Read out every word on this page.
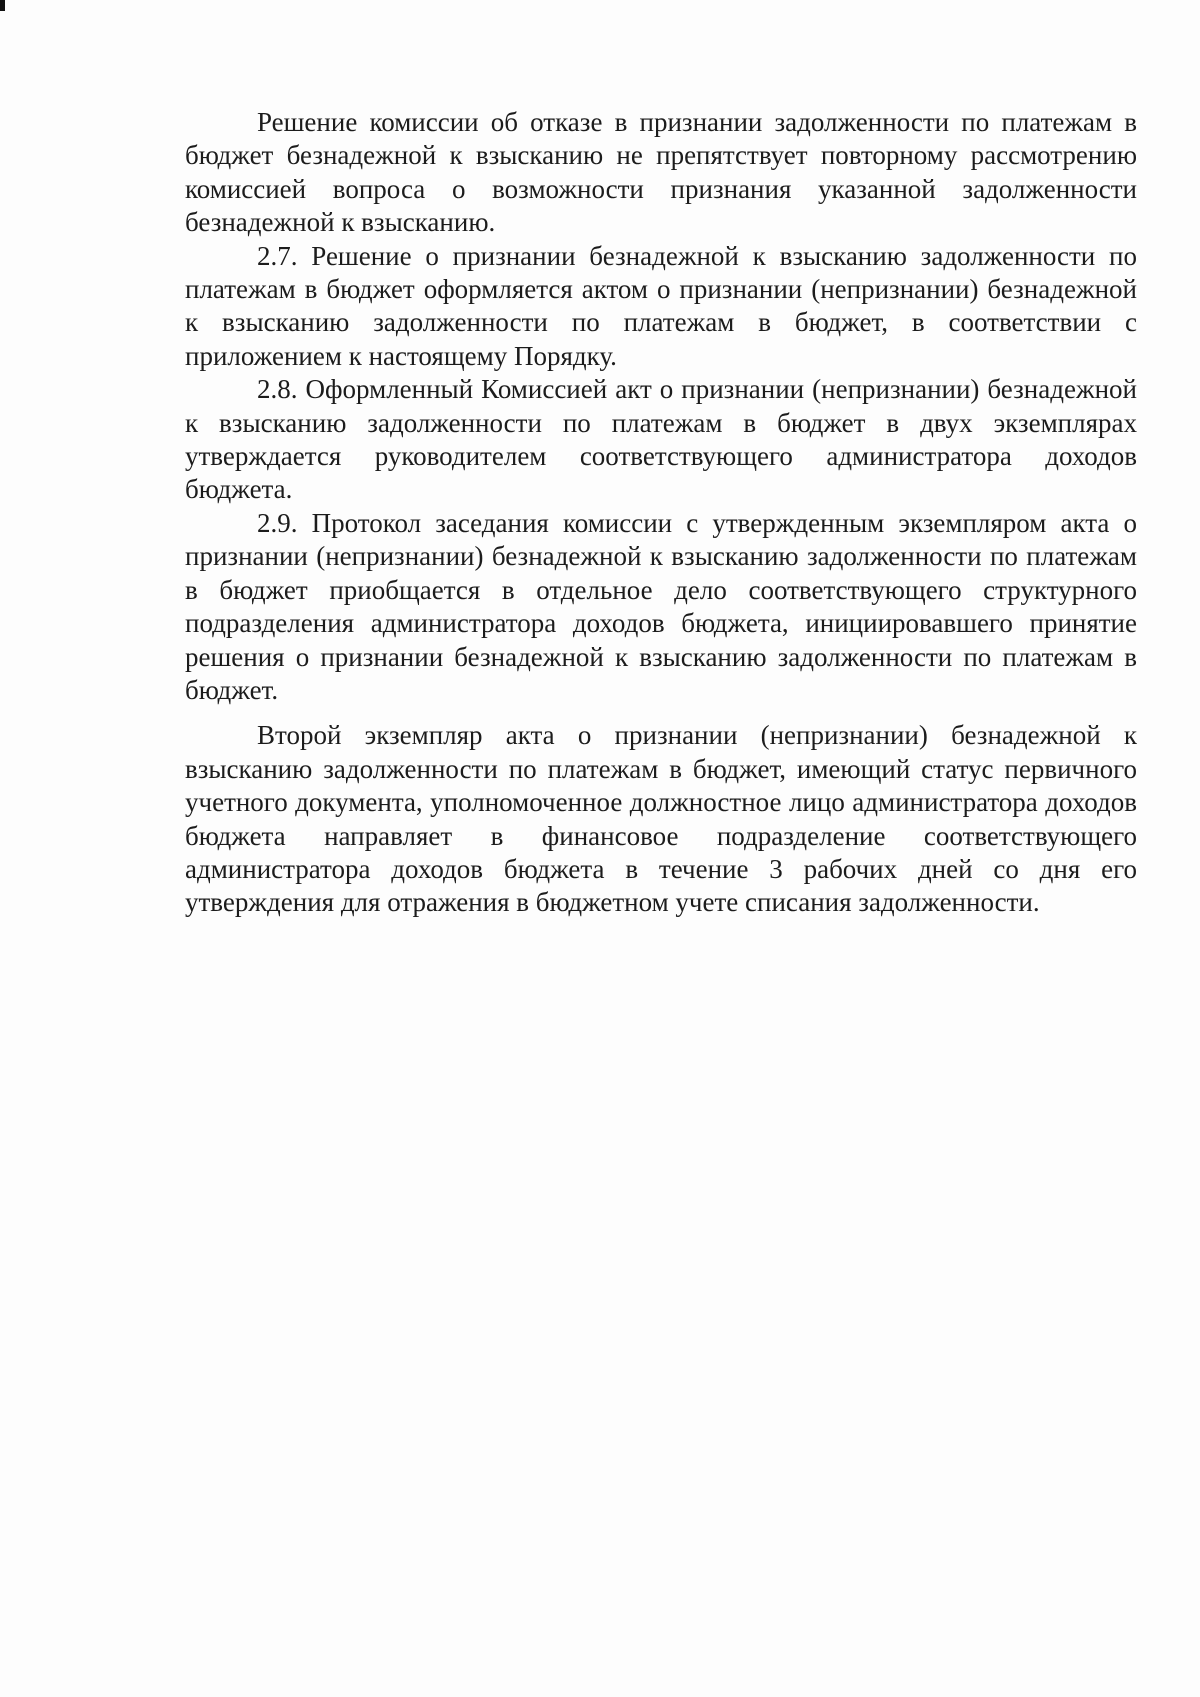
Решение комиссии об отказе в признании задолженности по платежам в бюджет безнадежной к взысканию не препятствует повторному рассмотрению комиссией вопроса о возможности признания указанной задолженности безнадежной к взысканию.

2.7. Решение о признании безнадежной к взысканию задолженности по платежам в бюджет оформляется актом о признании (непризнании) безнадежной к взысканию задолженности по платежам в бюджет, в соответствии с приложением к настоящему Порядку.

2.8. Оформленный Комиссией акт о признании (непризнании) безнадежной к взысканию задолженности по платежам в бюджет в двух экземплярах утверждается руководителем соответствующего администратора доходов бюджета.

2.9. Протокол заседания комиссии с утвержденным экземпляром акта о признании (непризнании) безнадежной к взысканию задолженности по платежам в бюджет приобщается в отдельное дело соответствующего структурного подразделения администратора доходов бюджета, инициировавшего принятие решения о признании безнадежной к взысканию задолженности по платежам в бюджет.

Второй экземпляр акта о признании (непризнании) безнадежной к взысканию задолженности по платежам в бюджет, имеющий статус первичного учетного документа, уполномоченное должностное лицо администратора доходов бюджета направляет в финансовое подразделение соответствующего администратора доходов бюджета в течение 3 рабочих дней со дня его утверждения для отражения в бюджетном учете списания задолженности.
